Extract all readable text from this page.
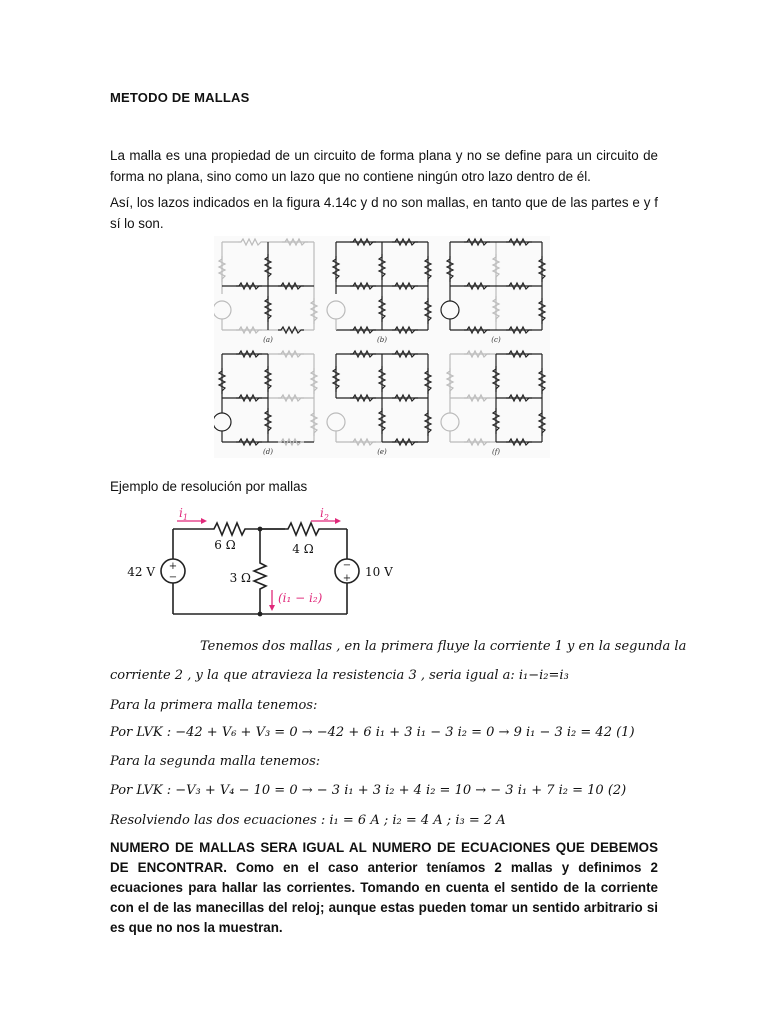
METODO DE MALLAS
La malla es una propiedad de un circuito de forma plana y no se define para un circuito de forma no plana, sino como un lazo que no contiene ningún otro lazo dentro de él.
Así, los lazos indicados en la figura 4.14c y d no son mallas, en tanto que de las partes e y f sí lo son.
(a)	(b)	(c)
(d)	(e)	(f)
Ejemplo de resolución por mallas
+
−
−
+
42 V	10 V
6 Ω	4 Ω
3 Ω
$i_1$	$i_2$
(i₁ − i₂)
Tenemos dos mallas , en la primera fluye la corriente 1 y en la segunda la
corriente 2 , y la que atravieza la resistencia 3 , seria igual a: i₁−i₂=i₃
Para la primera malla tenemos:
Por LVK : −42 + V₆ + V₃ = 0 → −42 + 6 i₁ + 3 i₁ − 3 i₂ = 0 → 9 i₁ − 3 i₂ = 42 (1)
Para la segunda malla tenemos:
Por LVK : −V₃ + V₄ − 10 = 0 → − 3 i₁ + 3 i₂ + 4 i₂ = 10 → − 3 i₁ + 7 i₂ = 10 (2)
Resolviendo las dos ecuaciones : i₁ = 6 A ; i₂ = 4 A ; i₃ = 2 A
NUMERO DE MALLAS SERA IGUAL AL NUMERO DE ECUACIONES QUE DEBEMOS DE ENCONTRAR. Como en el caso anterior teníamos 2 mallas y definimos 2 ecuaciones para hallar las corrientes. Tomando en cuenta el sentido de la corriente con el de las manecillas del reloj; aunque estas pueden tomar un sentido arbitrario si es que no nos la muestran.
